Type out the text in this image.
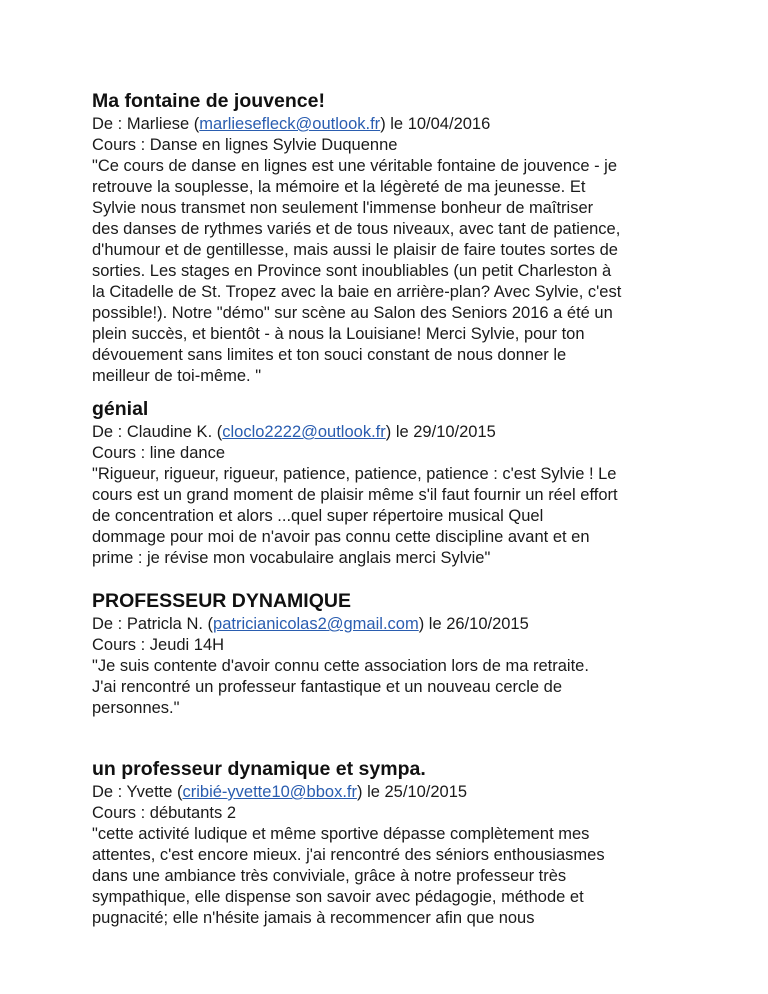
Ma fontaine de jouvence!

De : Marliese (marliesefleck@outlook.fr) le 10/04/2016

Cours : Danse en lignes Sylvie Duquenne

"Ce cours de danse en lignes est une véritable fontaine de jouvence - je
retrouve la souplesse, la mémoire et la légèreté de ma jeunesse. Et
Sylvie nous transmet non seulement l'immense bonheur de maîtriser
des danses de rythmes variés et de tous niveaux, avec tant de patience,
d'humour et de gentillesse, mais aussi le plaisir de faire toutes sortes de
sorties. Les stages en Province sont inoubliables (un petit Charleston à
la Citadelle de St. Tropez avec la baie en arrière-plan? Avec Sylvie, c'est
possible!). Notre "démo" sur scène au Salon des Seniors 2016 a été un
plein succès, et bientôt - à nous la Louisiane! Merci Sylvie, pour ton
dévouement sans limites et ton souci constant de nous donner le
meilleur de toi-même. "
génial

De : Claudine K. (cloclo2222@outlook.fr) le 29/10/2015

Cours : line dance

"Rigueur, rigueur, rigueur, patience, patience, patience : c'est Sylvie ! Le
cours est un grand moment de plaisir même s'il faut fournir un réel effort
de concentration et alors ...quel super répertoire musical Quel
dommage pour moi de n'avoir pas connu cette discipline avant et en
prime : je révise mon vocabulaire anglais merci Sylvie"
PROFESSEUR DYNAMIQUE

De : Patricla N. (patricianicolas2@gmail.com) le 26/10/2015

Cours : Jeudi 14H

"Je suis contente d'avoir connu cette association lors de ma retraite.
J'ai rencontré un professeur fantastique et un nouveau cercle de
personnes."
un professeur dynamique et sympa.

De : Yvette (cribié-yvette10@bbox.fr) le 25/10/2015

Cours : débutants 2

"cette activité ludique et même sportive dépasse complètement mes
attentes, c'est encore mieux. j'ai rencontré des séniors enthousiasmes
dans une ambiance très conviviale, grâce à notre professeur très
sympathique, elle dispense son savoir avec pédagogie, méthode et
pugnacité; elle n'hésite jamais à recommencer afin que nous
